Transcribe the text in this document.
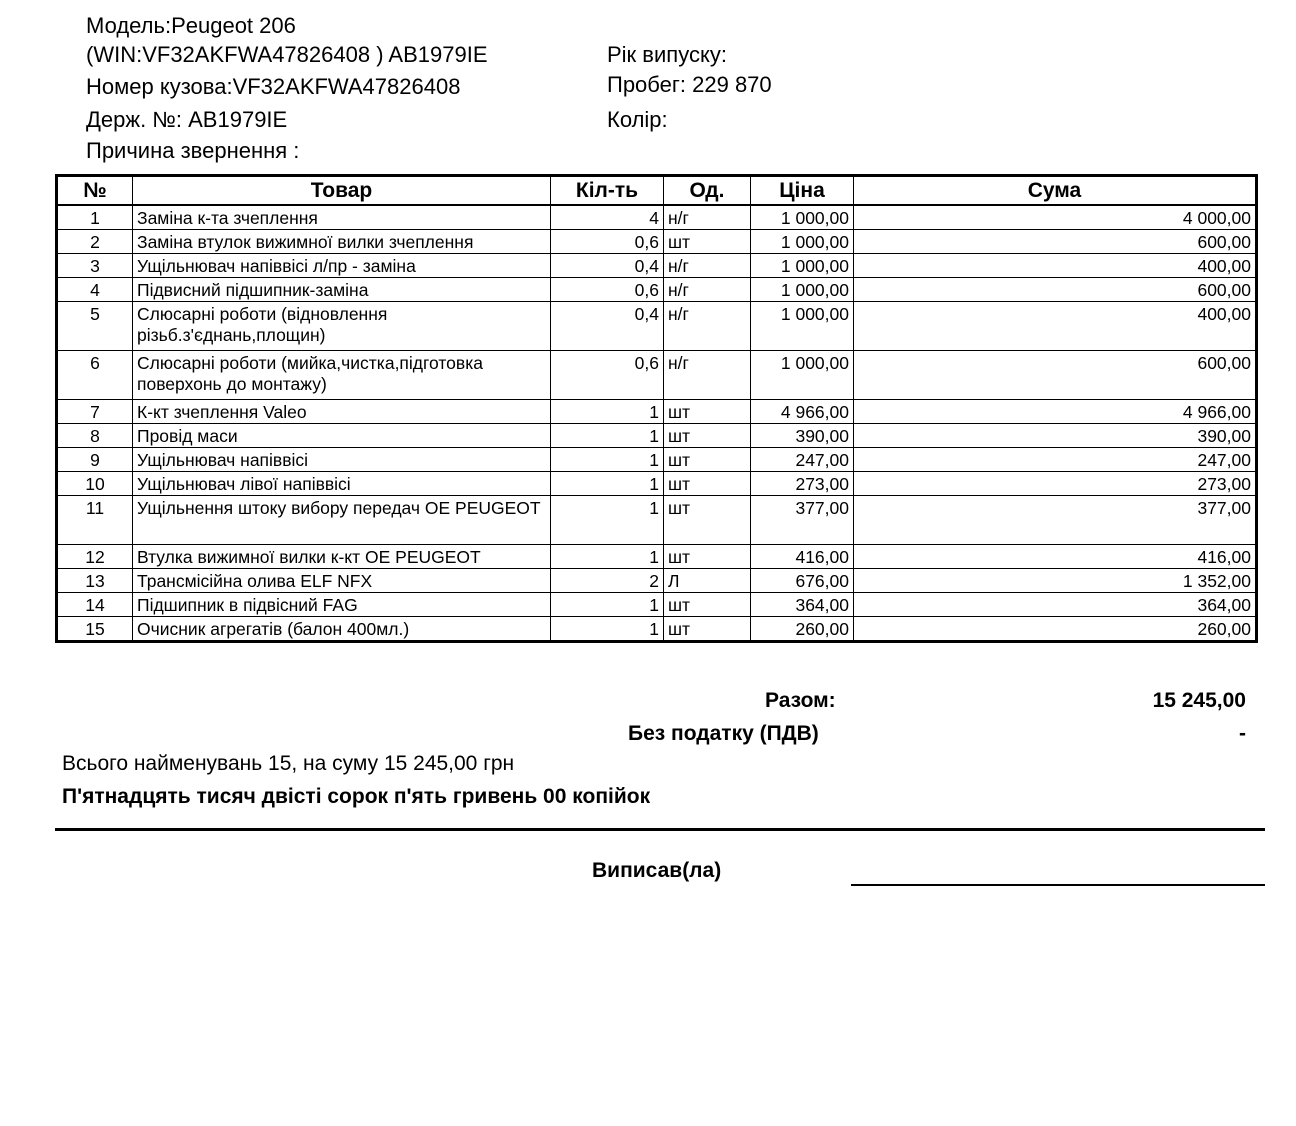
Модель:Peugeot 206
(WIN:VF32AKFWA47826408 ) AB1979IE
Номер кузова:VF32AKFWA47826408
Держ. №: AB1979IE
Причина звернення :
Рік випуску:
Пробег: 229 870
Колір:
№	Товар	Кіл-ть	Од.	Ціна	Сума
1	Заміна к-та зчеплення	4	н/г	1 000,00	4 000,00
2	Заміна втулок вижимної вилки зчеплення	0,6	шт	1 000,00	600,00
3	Ущільнювач напіввісі л/пр - заміна	0,4	н/г	1 000,00	400,00
4	Підвисний підшипник-заміна	0,6	н/г	1 000,00	600,00
5	Слюсарні роботи (відновлення різьб.з'єднань,площин)	0,4	н/г	1 000,00	400,00
6	Слюсарні роботи (мийка,чистка,підготовка поверхонь до монтажу)	0,6	н/г	1 000,00	600,00
7	К-кт зчеплення Valeo	1	шт	4 966,00	4 966,00
8	Провід маси	1	шт	390,00	390,00
9	Ущільнювач напіввісі	1	шт	247,00	247,00
10	Ущільнювач лівої напіввісі	1	шт	273,00	273,00
11	Ущільнення штоку вибору передач OE PEUGEOT	1	шт	377,00	377,00
12	Втулка вижимної вилки к-кт OE PEUGEOT	1	шт	416,00	416,00
13	Трансмісійна олива ELF NFX	2	Л	676,00	1 352,00
14	Підшипник в підвісний FAG	1	шт	364,00	364,00
15	Очисник агрегатів (балон 400мл.)	1	шт	260,00	260,00
Разом:	15 245,00
Без податку (ПДВ)	-
Всього найменувань 15, на суму 15 245,00 грн
П'ятнадцять тисяч двісті сорок п'ять гривень 00 копійок
Виписав(ла)
